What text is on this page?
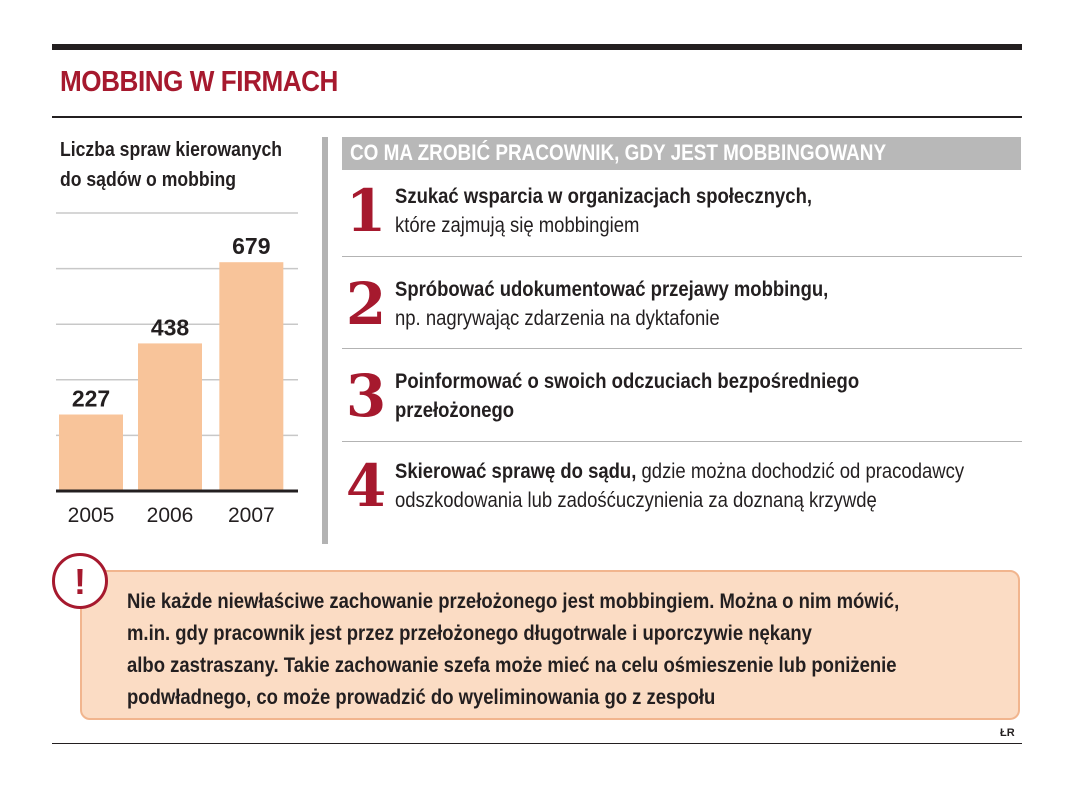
MOBBING W FIRMACH
Liczba spraw kierowanych do sądów o mobbing
227
2005
438
2006
679
2007
CO MA ZROBIĆ PRACOWNIK, GDY JEST MOBBINGOWANY
1 Szukać wsparcia w organizacjach społecznych,
które zajmują się mobbingiem
2 Spróbować udokumentować przejawy mobbingu,
np. nagrywając zdarzenia na dyktafonie
3 Poinformować o swoich odczuciach bezpośredniego przełożonego
4 Skierować sprawę do sądu, gdzie można dochodzić od pracodawcy odszkodowania lub zadośćuczynienia za doznaną krzywdę
Nie każde niewłaściwe zachowanie przełożonego jest mobbingiem. Można o nim mówić,
m.in. gdy pracownik jest przez przełożonego długotrwale i uporczywie nękany
albo zastraszany. Takie zachowanie szefa może mieć na celu ośmieszenie lub poniżenie
podwładnego, co może prowadzić do wyeliminowania go z zespołu
!
ŁR
